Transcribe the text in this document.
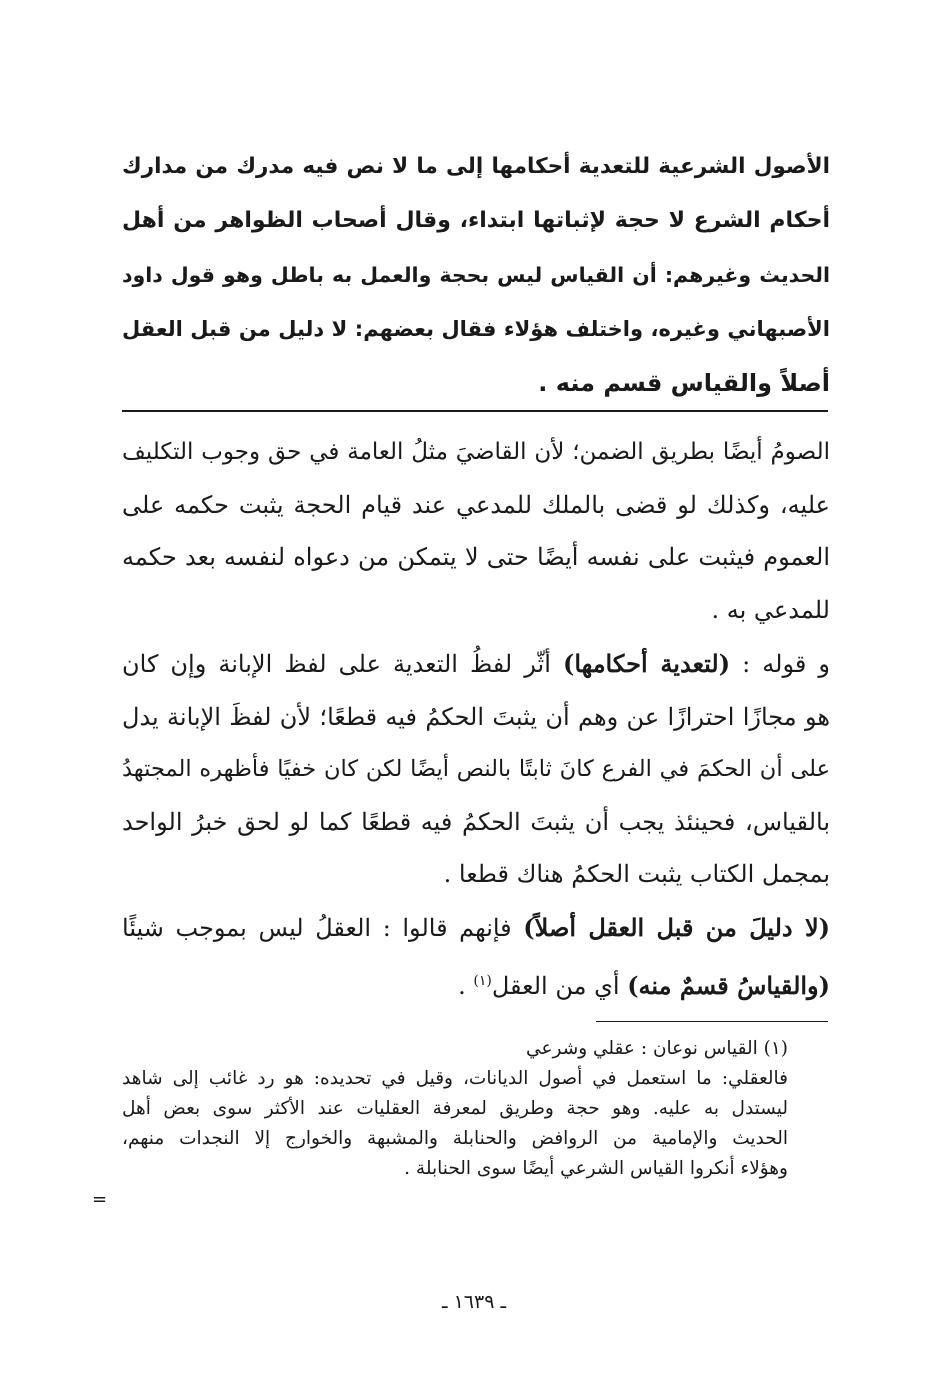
الأصول الشرعية للتعدية أحكامها إلى ما لا نص فيه مدرك من مدارك

أحكام الشرع لا حجة لإثباتها ابتداء، وقال أصحاب الظواهر من أهل

الحديث وغيرهم: أن القياس ليس بحجة والعمل به باطل وهو قول داود

الأصبهاني وغيره، واختلف هؤلاء فقال بعضهم: لا دليل من قبل العقل

أصلاً والقياس قسم منه .

الصومُ أيضًا بطريق الضمن؛ لأن القاضيَ مثلُ العامة في حق وجوب التكليف

عليه، وكذلك لو قضى بالملك للمدعي عند قيام الحجة يثبت حكمه على

العموم فيثبت على نفسه أيضًا حتى لا يتمكن من دعواه لنفسه بعد حكمه

للمدعي به .

و قوله : (لتعدية أحكامها) أثّر لفظُ التعدية على لفظ الإبانة وإن كان

هو مجازًا احترازًا عن وهم أن يثبتَ الحكمُ فيه قطعًا؛ لأن لفظَ الإبانة يدل

على أن الحكمَ في الفرع كانَ ثابتًا بالنص أيضًا لكن كان خفيًا فأظهره المجتهدُ

بالقياس، فحينئذ يجب أن يثبتَ الحكمُ فيه قطعًا كما لو لحق خبرُ الواحد

بمجمل الكتاب يثبت الحكمُ هناك قطعا .

(لا دليلَ من قبل العقل أصلاً) فإنهم قالوا : العقلُ ليس بموجب شيئًا

(والقياسُ قسمٌ منه) أي من العقل$^{(١)}$ .

(١) القياس نوعان : عقلي وشرعي

فالعقلي: ما استعمل في أصول الديانات، وقيل في تحديده: هو رد غائب إلى شاهد

ليستدل به عليه. وهو حجة وطريق لمعرفة العقليات عند الأكثر سوى بعض أهل

الحديث والإمامية من الروافض والحنابلة والمشبهة والخوارج إلا النجدات منهم،

وهؤلاء أنكروا القياس الشرعي أيضًا سوى الحنابلة .

=
ـ ١٦٣٩ ـ
